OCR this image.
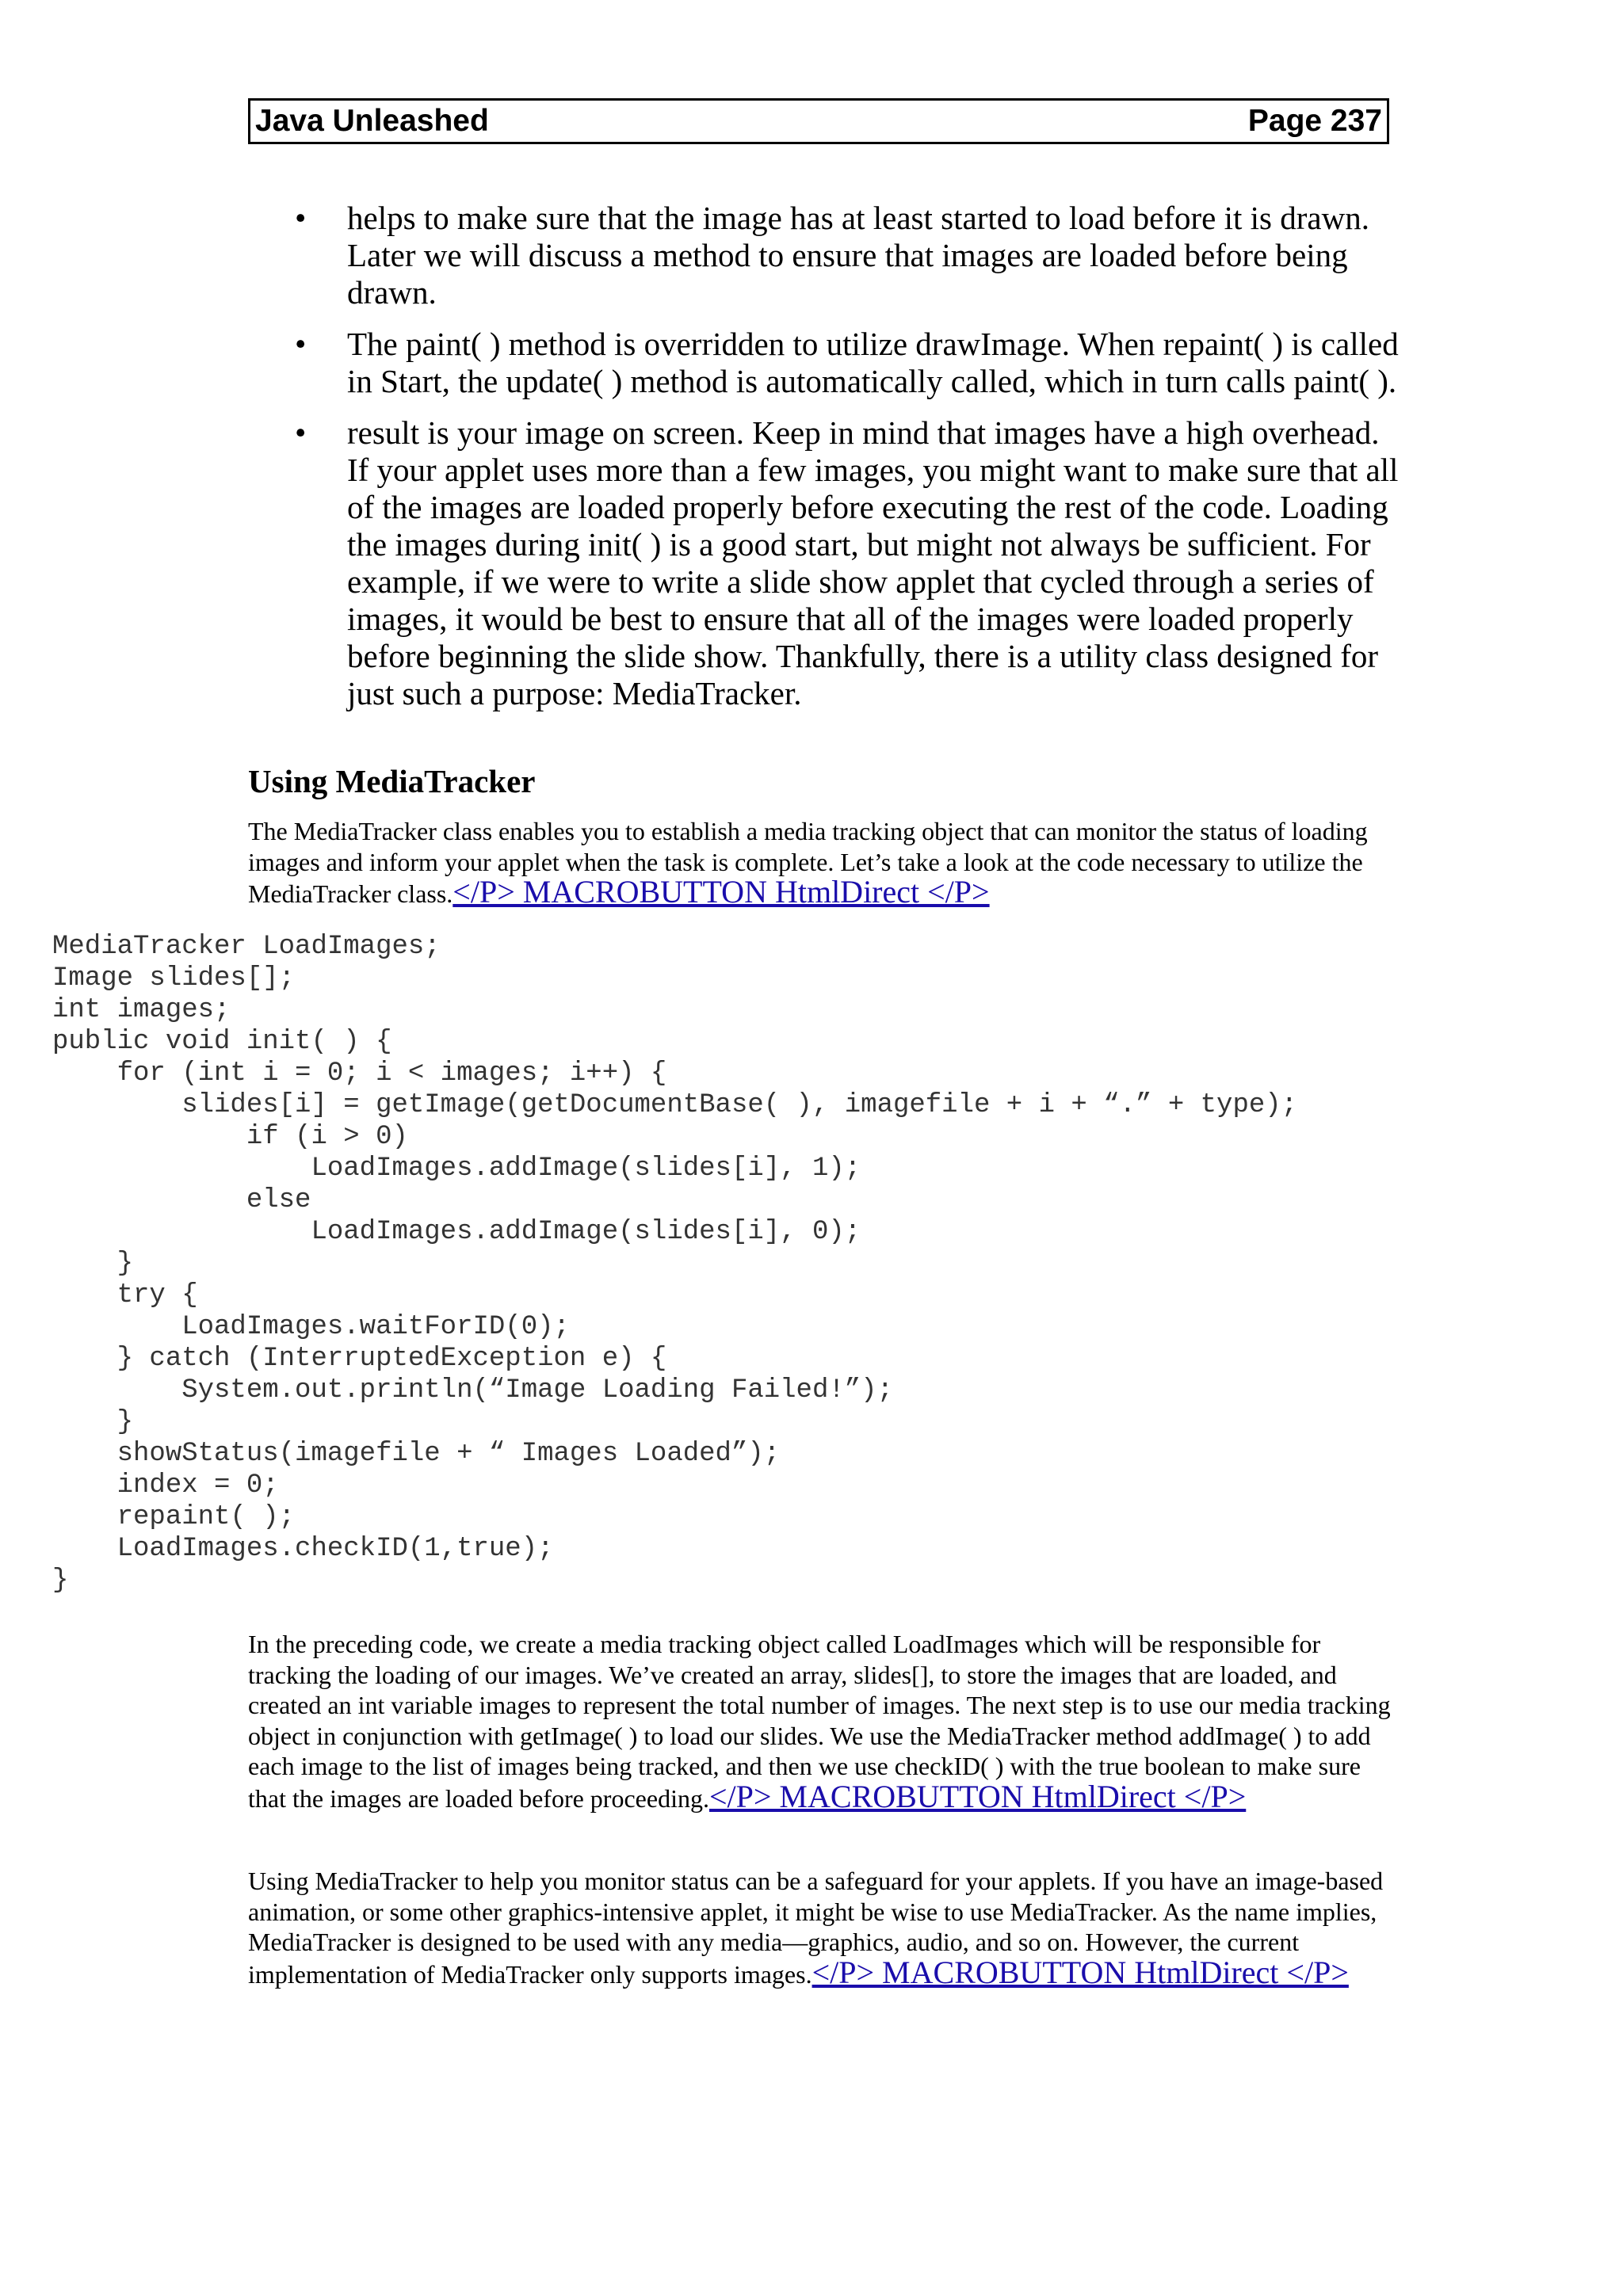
Java Unleashed	Page 237
• helps to make sure that the image has at least started to load before it is drawn. Later we will discuss a method to ensure that images are loaded before being drawn.
• The paint( ) method is overridden to utilize drawImage. When repaint( ) is called in Start, the update( ) method is automatically called, which in turn calls paint( ).
• result is your image on screen. Keep in mind that images have a high overhead. If your applet uses more than a few images, you might want to make sure that all of the images are loaded properly before executing the rest of the code. Loading the images during init( ) is a good start, but might not always be sufficient. For example, if we were to write a slide show applet that cycled through a series of images, it would be best to ensure that all of the images were loaded properly before beginning the slide show. Thankfully, there is a utility class designed for just such a purpose: MediaTracker.
Using MediaTracker

The MediaTracker class enables you to establish a media tracking object that can monitor the status of loading images and inform your applet when the task is complete. Let’s take a look at the code necessary to utilize the MediaTracker class.</P> MACROBUTTON HtmlDirect </P>

MediaTracker LoadImages;
Image slides[];
int images;
public void init( ) {
for (int i = 0; i < images; i++) {
slides[i] = getImage(getDocumentBase( ), imagefile + i + “.” + type);
if (i > 0)
LoadImages.addImage(slides[i], 1);
else
LoadImages.addImage(slides[i], 0);
}
try {
LoadImages.waitForID(0);
} catch (InterruptedException e) {
System.out.println(“Image Loading Failed!”);
}
showStatus(imagefile + “ Images Loaded”);
index = 0;
repaint( );
LoadImages.checkID(1,true);
}

In the preceding code, we create a media tracking object called LoadImages which will be responsible for tracking the loading of our images. We’ve created an array, slides[], to store the images that are loaded, and created an int variable images to represent the total number of images. The next step is to use our media tracking object in conjunction with getImage( ) to load our slides. We use the MediaTracker method addImage( ) to add each image to the list of images being tracked, and then we use checkID( ) with the true boolean to make sure that the images are loaded before proceeding.</P> MACROBUTTON HtmlDirect </P>

Using MediaTracker to help you monitor status can be a safeguard for your applets. If you have an image-based animation, or some other graphics-intensive applet, it might be wise to use MediaTracker. As the name implies, MediaTracker is designed to be used with any media—graphics, audio, and so on. However, the current implementation of MediaTracker only supports images.</P> MACROBUTTON HtmlDirect </P>
